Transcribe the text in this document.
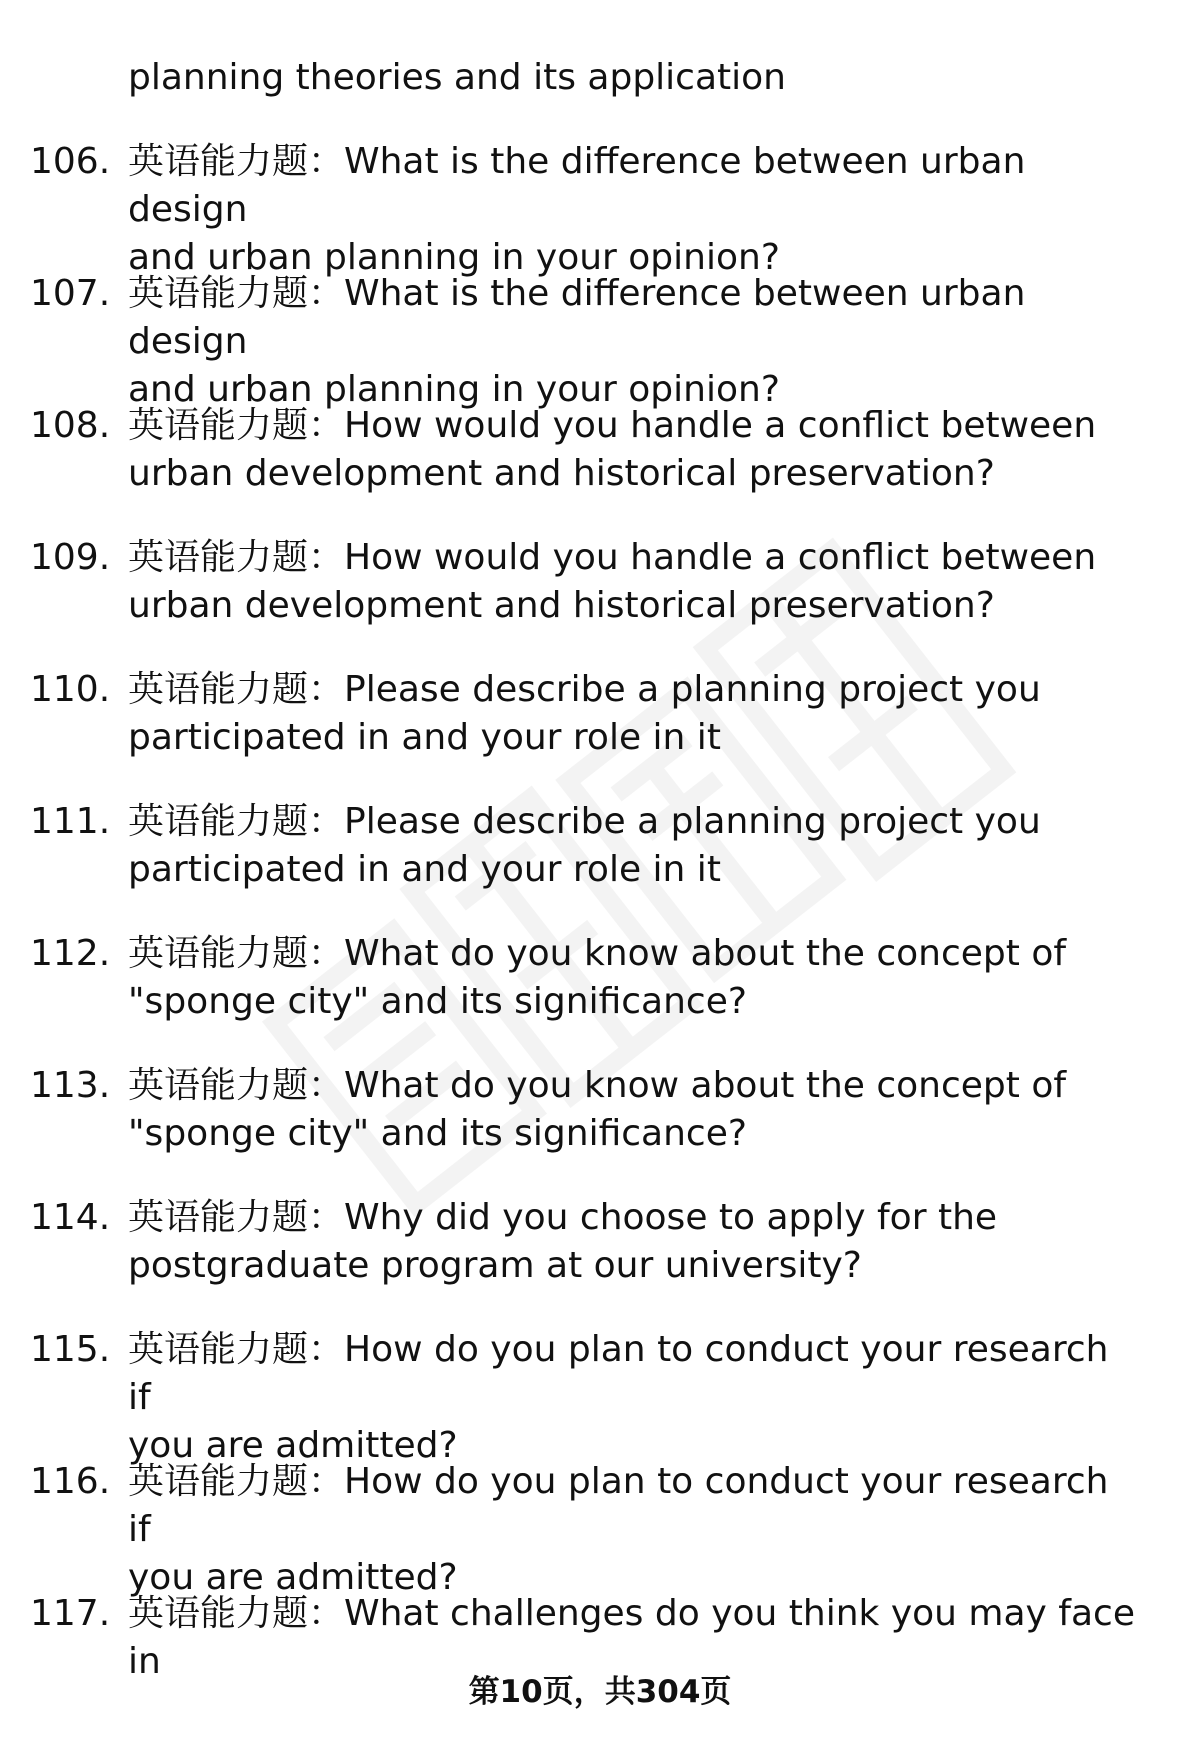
planning theories and its application
106. 英语能力题：What is the difference between urban design
and urban planning in your opinion?
107. 英语能力题：What is the difference between urban design
and urban planning in your opinion?
108. 英语能力题：How would you handle a conflict between
urban development and historical preservation?
109. 英语能力题：How would you handle a conflict between
urban development and historical preservation?
110. 英语能力题：Please describe a planning project you
participated in and your role in it
111. 英语能力题：Please describe a planning project you
participated in and your role in it
112. 英语能力题：What do you know about the concept of
"sponge city" and its significance?
113. 英语能力题：What do you know about the concept of
"sponge city" and its significance?
114. 英语能力题：Why did you choose to apply for the
postgraduate program at our university?
115. 英语能力题：How do you plan to conduct your research if
you are admitted?
116. 英语能力题：How do you plan to conduct your research if
you are admitted?
117. 英语能力题：What challenges do you think you may face in
第10页，共304页
